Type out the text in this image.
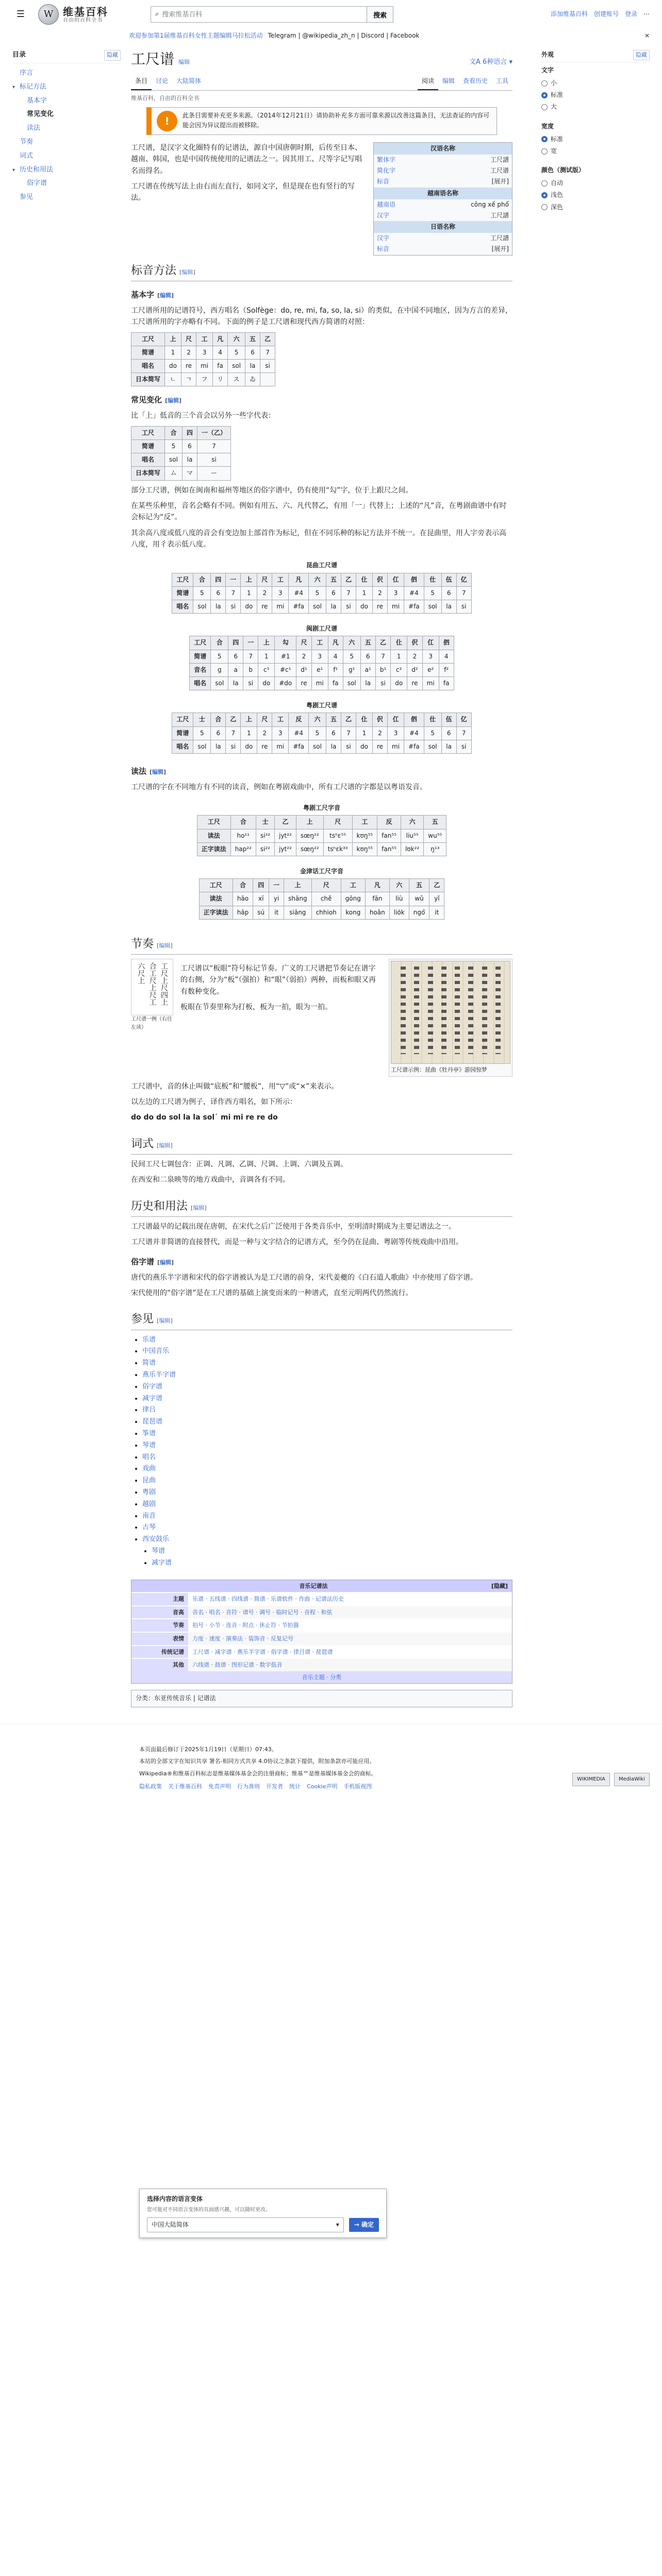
☰	W 维基百科
自由的百科全书
⌕
搜索维基百科	搜索	添加维基百科 创建账号 登录 ⋯
欢迎参加第1届维基百科女性主题编辑马拉松活动 Telegram | @wikipedia_zh_n | Discord | Facebook	×
目录	隐藏
序言
▾ 标记方法
基本字
常见变化
读法
节奏
词式
▾ 历史和用法
俗字谱
参见
工尺谱 编辑	文A 6种语言 ▾
条目	讨论	大陆简体	阅读	编辑	查看历史	工具
维基百科，自由的百科全书
!	此条目需要补充更多来源。（2014年12月21日）请协助补充多方面可靠来源以改善这篇条目，无法查证的内容可能会因为异议提出而被移除。
汉语名称
繁体字	工尺譜
简化字	工尺谱
标音	[展开]
越南语名称
越南语	công xế phổ
汉字	工尺譜
日语名称
汉字	工尺譜
标音	[展开]

工尺谱，是汉字文化圈特有的记谱法，源自中国唐朝时期，后传至日本、越南、韩国，也是中国传统使用的记谱法之一。因其用工、尺等字记写唱名而得名。

工尺谱在传统写法上由右而左直行，如同文字，但是现在也有竖行的写法。

标音方法 [编辑]
基本字 [编辑]

工尺谱所用的记谱符号，西方唱名（Solfège：do, re, mi, fa, so, la, si）的类似，在中国不同地区，因为方言的差异，工尺谱所用的字亦略有不同。下面的例子是工尺谱和现代西方简谱的对照：

工尺	上	尺	工	凡	六	五	乙
简谱	1	2	3	4	5	6	7
唱名	do	re	mi	fa	sol	la	si
日本简写	ㄴ	ㄱ	フ	リ	ス	ゐ	
常见变化 [编辑]

比「上」低音的三个音会以另外一些字代表：

工尺	合	四	一（乙）
简谱	5	6	7
唱名	sol	la	si
日本简写	ム	マ	ー

部分工尺谱，例如在闽南和福州等地区的俗字谱中，仍有使用“勾”字，位于上跟尺之间。

在某些乐种里，音名会略有不同。例如有用五、六、凡代替乙，有用「一」代替上；上述的“凡”音，在粤剧曲谱中有时会标记为“反”。

其余高八度或低八度的音会有变边加上部首作为标记，但在不同乐种的标记方法并不统一。在昆曲里，用人字旁表示高八度，用彳表示低八度。

昆曲工尺谱
工尺	合	四	一	上	尺	工	凡	六	五	乙	仩	伬	仜	伵	仕	伍	亿
简谱	5	6	7	1	2	3	#4	5	6	7	1	2	3	#4	5	6	7
唱名	sol	la	si	do	re	mi	#fa	sol	la	si	do	re	mi	#fa	sol	la	si
闽剧工尺谱
工尺	合	四	一	上	勾	尺	工	凡	六	五	乙	仩	伬	仜	伵
简谱	5	6	7	1	#1	2	3	4	5	6	7	1	2	3	4
音名	g	a	b	c¹	#c¹	d¹	e¹	f¹	g¹	a¹	b¹	c²	d²	e²	f²
唱名	sol	la	si	do	#do	re	mi	fa	sol	la	si	do	re	mi	fa
粤剧工尺谱
工尺	士	合	乙	上	尺	工	反	六	五	乙	仩	伬	仜	伵	仕	伍	亿
简谱	5	6	7	1	2	3	#4	5	6	7	1	2	3	#4	5	6	7
唱名	sol	la	si	do	re	mi	#fa	sol	la	si	do	re	mi	#fa	sol	la	si
读法 [编辑]

工尺谱的字在不同地方有不同的读音，例如在粤剧戏曲中，所有工尺谱的字都是以粤语发音。

粤剧工尺字音
工尺	合	士	乙	上	尺	工	反	六	五
读法	ho¹¹	si²²	jyt²²	sœŋ²²	tsʰɛ⁵⁵	kʊŋ⁵⁵	fan⁵⁵	liu⁵⁵	wu⁵⁵
正字读法	hap²²	si²²	jyt²²	sœŋ²²	tsʰɛk³³	kʊŋ⁵⁵	fan⁵⁵	lʊk²²	ŋ¹³
金津话工尺字音
工尺	合	四	一	上	尺	工	凡	六	五	乙
读法	hāo	xī	yi	shāng	chě	gōng	fān	liù	wǔ	yǐ
正字读法	hāp	sú	it	siāng	chhioh	kong	hoân	lio̍k	ngó͘	it
节奏 [编辑]
工尺上尺四上合工尺上尺工六尺上
工尺谱一例（右往左读）

工尺谱以“板眼”符号标记节奏。广义的工尺谱把节奏记在谱字的右侧，分为“板”（强拍）和“眼”（弱拍）两种，而板和眼又再有数种变化。

板眼在节奏里称为打板，板为一拍，眼为一拍。

工尺谱示例：昆曲《牡丹亭》游园惊梦

工尺谱中，音的休止叫做“底板”和“腰板”，用“▽”或“×”来表示。

以左边的工尺谱为例子，译作西方唱名，如下所示：

do do do sol la la sol˙ mi mi re re do

词式 [编辑]

民间工尺七调包含：正调、凡调、乙调、尺调、上调、六调及五调。

在西安和二泉映等的地方戏曲中，音调各有不同。

历史和用法 [编辑]

工尺谱最早的记载出现在唐朝，在宋代之后广泛使用于各类音乐中，至明清时期成为主要记谱法之一。

工尺谱并非简谱的直接替代，而是一种与文字结合的记谱方式，至今仍在昆曲、粤剧等传统戏曲中沿用。

俗字谱 [编辑]

唐代的燕乐半字谱和宋代的俗字谱被认为是工尺谱的前身，宋代姜夔的《白石道人歌曲》中亦使用了俗字谱。

宋代使用的“俗字谱”是在工尺谱的基础上演变而来的一种谱式，直至元明两代仍然流行。

参见 [编辑]
• 乐谱
• 中国音乐
• 简谱
• 燕乐半字谱
• 俗字谱
• 减字谱
• 律吕
• 琵琶谱
• 筝谱
• 琴谱
• 唱名
• 戏曲
• 昆曲
• 粤剧
• 越剧
• 南音
• 古琴
• 西安鼓乐
• 琴谱
• 减字谱
音乐记谱法	[隐藏]
主题	乐谱 · 五线谱 · 四线谱 · 简谱 · 乐谱软件 · 作曲 · 记谱法历史
音高	音名 · 唱名 · 音符 · 谱号 · 调号 · 临时记号 · 音程 · 和弦
节奏	拍号 · 小节 · 连音 · 附点 · 休止符 · 节拍器
表情	力度 · 速度 · 演奏法 · 装饰音 · 反复记号
传统记谱	工尺谱 · 减字谱 · 燕乐半字谱 · 俗字谱 · 律吕谱 · 琵琶谱
其他	六线谱 · 鼓谱 · 图形记谱 · 数字低音
音乐主题 · 分类
分类：东亚传统音乐 | 记谱法
外观	隐藏
文字
小
标准
大
宽度
标准
宽
颜色（测试版）
自动
浅色
深色
选择内容的语言变体
您可能对不同语言变体的页面感兴趣，可以随时更改。
中国大陆简体	▾	→ 确定

本页面最后修订于2025年1月19日（星期日）07:43。

本站的全部文字在知识共享 署名-相同方式共享 4.0协议之条款下提供，附加条款亦可能应用。

Wikipedia®和维基百科标志是维基媒体基金会的注册商标；维基™是维基媒体基金会的商标。

隐私政策 关于维基百科 免责声明 行为准则 开发者 统计 Cookie声明 手机版视图
WIKIMEDIA	MediaWiki
